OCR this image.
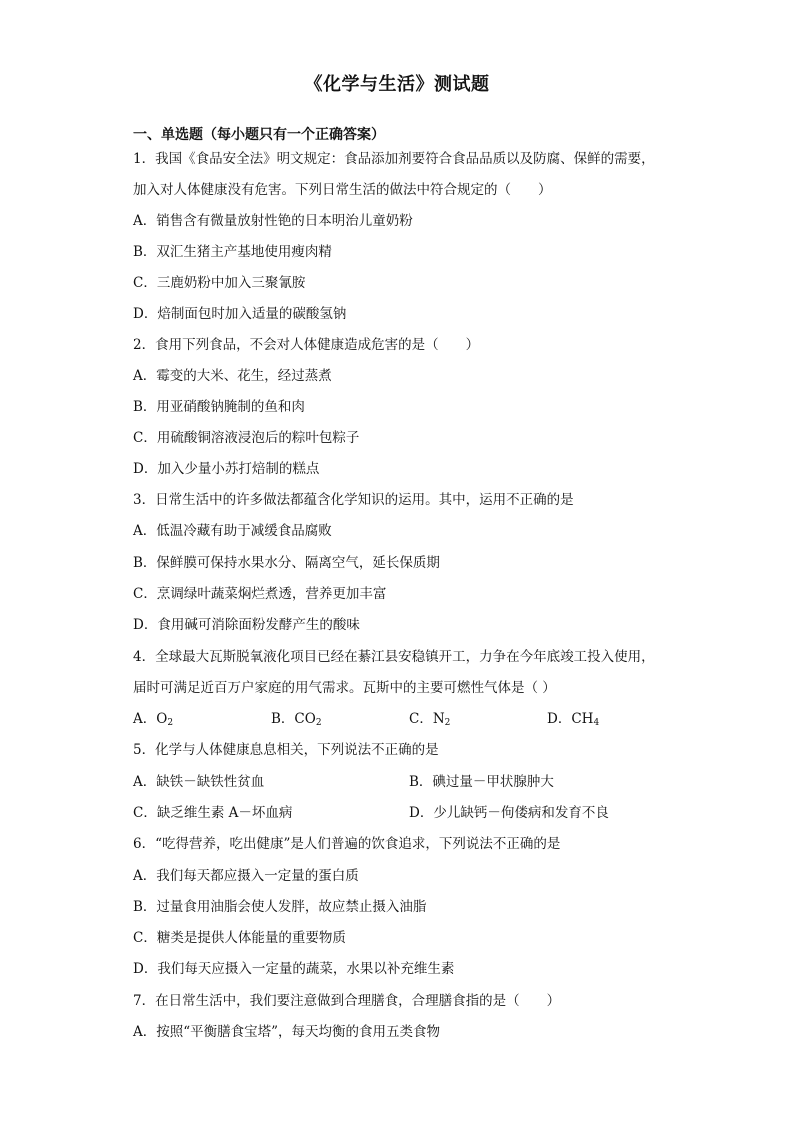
《化学与生活》测试题
一、单选题（每小题只有一个正确答案）
1．我国《食品安全法》明文规定：食品添加剂要符合食品品质以及防腐、保鲜的需要，
加入对人体健康没有危害。下列日常生活的做法中符合规定的（　　）
A．销售含有微量放射性铯的日本明治儿童奶粉
B．双汇生猪主产基地使用瘦肉精
C．三鹿奶粉中加入三聚氰胺
D．焙制面包时加入适量的碳酸氢钠
2．食用下列食品，不会对人体健康造成危害的是（　　）
A．霉变的大米、花生，经过蒸煮
B．用亚硝酸钠腌制的鱼和肉
C．用硫酸铜溶液浸泡后的粽叶包粽子
D．加入少量小苏打焙制的糕点
3．日常生活中的许多做法都蕴含化学知识的运用。其中，运用不正确的是
A．低温冷藏有助于减缓食品腐败
B．保鲜膜可保持水果水分、隔离空气，延长保质期
C．烹调绿叶蔬菜焖烂煮透，营养更加丰富
D．食用碱可消除面粉发酵产生的酸味
4．全球最大瓦斯脱氧液化项目已经在綦江县安稳镇开工，力争在今年底竣工投入使用，
届时可满足近百万户家庭的用气需求。瓦斯中的主要可燃性气体是（ ）
A．$O_2$	B．$CO_2$	C．$N_2$	D．$CH_4$
5．化学与人体健康息息相关，下列说法不正确的是
A．缺铁－缺铁性贫血	B．碘过量－甲状腺肿大
C．缺乏维生素 A－坏血病	D．少儿缺钙－佝偻病和发育不良
6．“吃得营养，吃出健康”是人们普遍的饮食追求，下列说法不正确的是
A．我们每天都应摄入一定量的蛋白质
B．过量食用油脂会使人发胖，故应禁止摄入油脂
C．糖类是提供人体能量的重要物质
D．我们每天应摄入一定量的蔬菜，水果以补充维生素
7．在日常生活中，我们要注意做到合理膳食，合理膳食指的是（　　）
A．按照“平衡膳食宝塔”，每天均衡的食用五类食物
